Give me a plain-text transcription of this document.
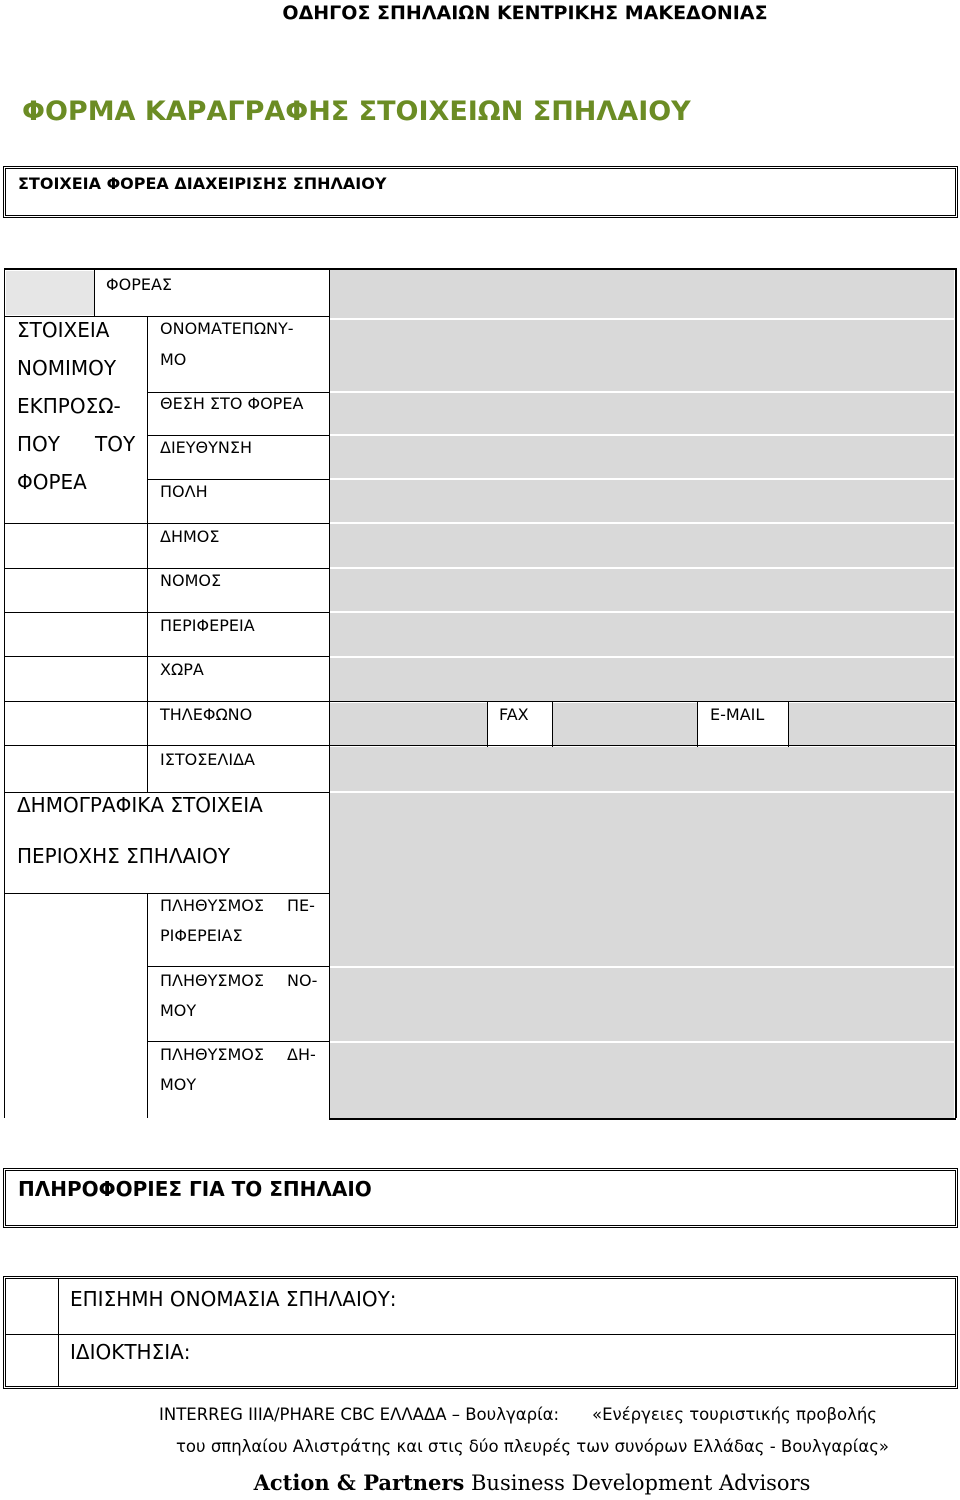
ΟΔΗΓΟΣ ΣΠΗΛΑΙΩΝ ΚΕΝΤΡΙΚΗΣ ΜΑΚΕΔΟΝΙΑΣ
ΦΟΡΜΑ ΚΑΡΑΓΡΑΦΗΣ ΣΤΟΙΧΕΙΩΝ ΣΠΗΛΑΙΟΥ
ΣΤΟΙΧΕΙΑ ΦΟΡΕΑ ΔΙΑΧΕΙΡΙΣΗΣ ΣΠΗΛΑΙΟΥ
ΦΟΡΕΑΣ
ΣΤΟΙΧΕΙΑ
ΝΟΜΙΜΟΥ
ΕΚΠΡΟΣΩ-
ΠΟΥ ΤΟΥ
ΦΟΡΕΑ
ΟΝΟΜΑΤΕΠΩΝΥ-
ΜΟ
ΘΕΣΗ ΣΤΟ ΦΟΡΕΑ
ΔΙΕΥΘΥΝΣΗ
ΠΟΛΗ
ΔΗΜΟΣ
ΝΟΜΟΣ
ΠΕΡΙΦΕΡΕΙΑ
ΧΩΡΑ
ΤΗΛΕΦΩΝΟ	FAX	E-MAIL
ΙΣΤΟΣΕΛΙΔΑ
ΔΗΜΟΓΡΑΦΙΚΑ ΣΤΟΙΧΕΙΑ
ΠΕΡΙΟΧΗΣ ΣΠΗΛΑΙΟΥ
ΠΛΗΘΥΣΜΟΣ ΠΕ-
ΡΙΦΕΡΕΙΑΣ
ΠΛΗΘΥΣΜΟΣ ΝΟ-
ΜΟΥ
ΠΛΗΘΥΣΜΟΣ ΔΗ-
ΜΟΥ
ΠΛΗΡΟΦΟΡΙΕΣ ΓΙΑ ΤΟ ΣΠΗΛΑΙΟ
ΕΠΙΣΗΜΗ ΟΝΟΜΑΣΙΑ ΣΠΗΛΑΙΟΥ:
ΙΔΙΟΚΤΗΣΙΑ:
INTERREG IIIA/PHARE CBC ΕΛΛΑΔΑ – Βουλγαρία: «Ενέργειες τουριστικής προβολής
του σπηλαίου Αλιστράτης και στις δύο πλευρές των συνόρων Ελλάδας - Βουλγαρίας»
Action & Partners Business Development Advisors
